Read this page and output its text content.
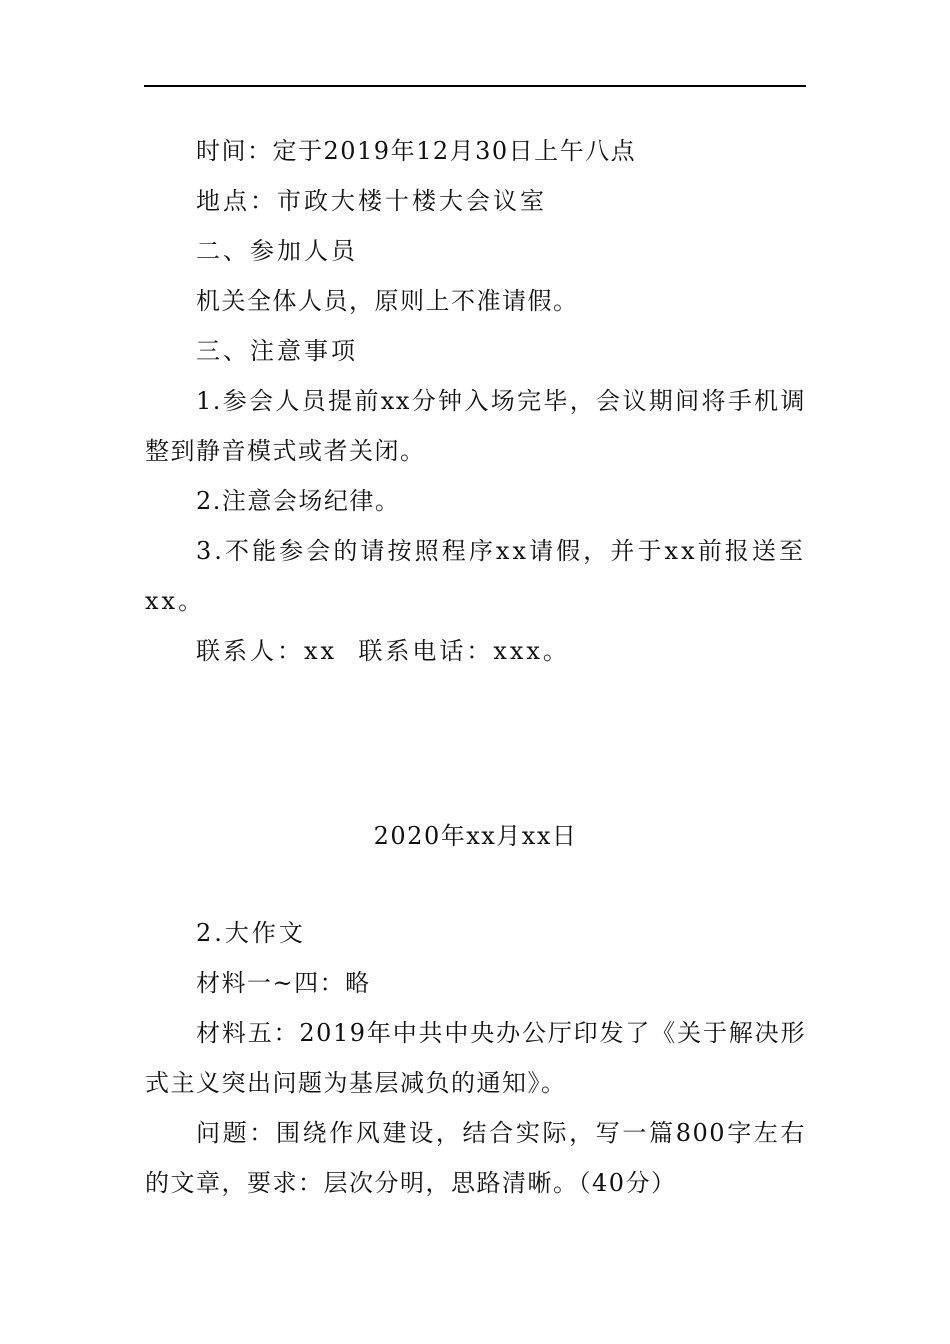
时间：定于2019年12月30日上午八点

地点：市政大楼十楼大会议室

二、参加人员

机关全体人员，原则上不准请假。

三、注意事项

1.参会人员提前xx分钟入场完毕，会议期间将手机调整到静音模式或者关闭。

2.注意会场纪律。

3.不能参会的请按照程序xx请假，并于xx前报送至xx。

联系人：xx  联系电话：xxx。

2020年xx月xx日

2.大作文

材料一~四：略

材料五：2019年中共中央办公厅印发了《关于解决形式主义突出问题为基层减负的通知》。

问题：围绕作风建设，结合实际，写一篇800字左右的文章，要求：层次分明，思路清晰。（40分）
